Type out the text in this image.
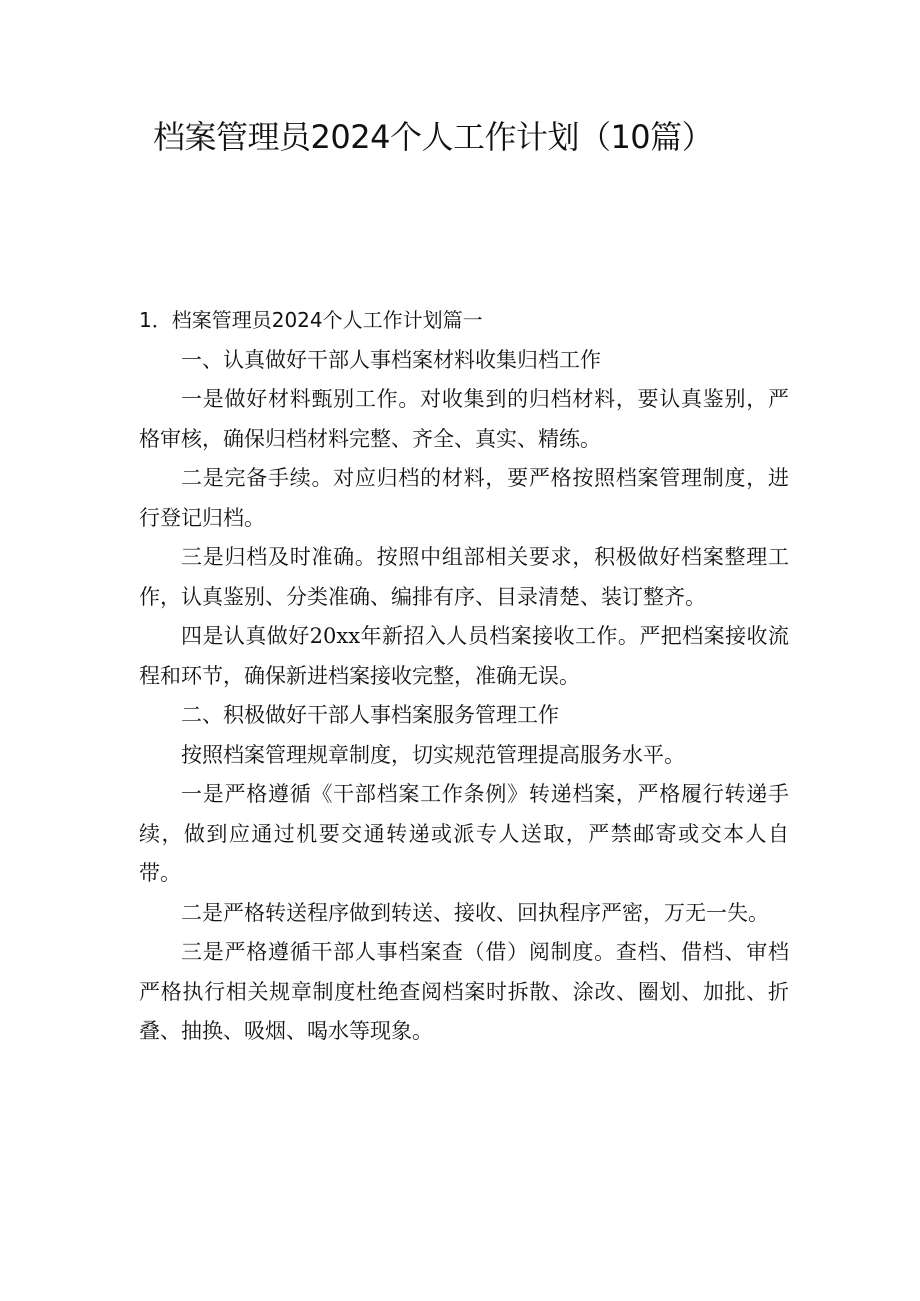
档案管理员2024个人工作计划（10篇）

1．档案管理员2024个人工作计划篇一

一、认真做好干部人事档案材料收集归档工作

一是做好材料甄别工作。对收集到的归档材料，要认真鉴别，严格审核，确保归档材料完整、齐全、真实、精练。

二是完备手续。对应归档的材料，要严格按照档案管理制度，进行登记归档。

三是归档及时准确。按照中组部相关要求，积极做好档案整理工作，认真鉴别、分类准确、编排有序、目录清楚、装订整齐。

四是认真做好20xx年新招入人员档案接收工作。严把档案接收流程和环节，确保新进档案接收完整，准确无误。

二、积极做好干部人事档案服务管理工作

按照档案管理规章制度，切实规范管理提高服务水平。

一是严格遵循《干部档案工作条例》转递档案，严格履行转递手续，做到应通过机要交通转递或派专人送取，严禁邮寄或交本人自带。

二是严格转送程序做到转送、接收、回执程序严密，万无一失。

三是严格遵循干部人事档案查（借）阅制度。查档、借档、审档严格执行相关规章制度杜绝查阅档案时拆散、涂改、圈划、加批、折叠、抽换、吸烟、喝水等现象。
